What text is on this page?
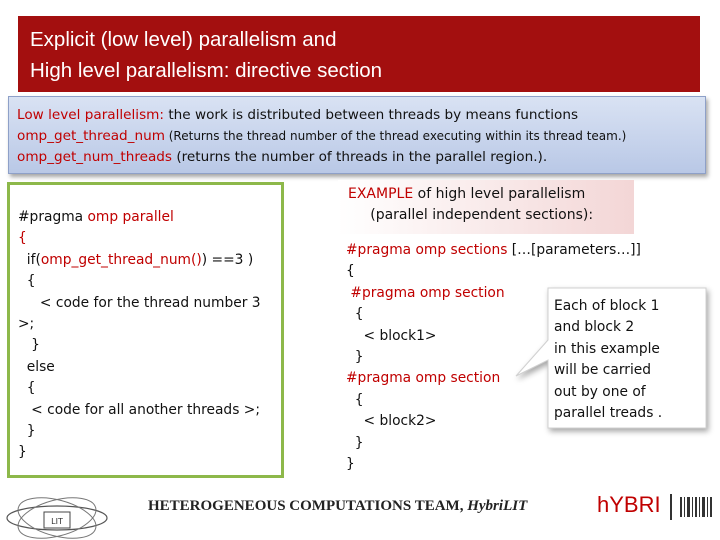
Explicit (low level) parallelism and
High level parallelism: directive section
Low level parallelism: the work is distributed between threads by means functions
omp_get_thread_num (Returns the thread number of the thread executing within its thread team.)
omp_get_num_threads (returns the number of threads in the parallel region.).
#pragma omp parallel
{
if(omp_get_thread_num()) ==3 )
{
< code for the thread number 3
>;
}
else
{
< code for all another threads >;
}
}
EXAMPLE of high level parallelism
(parallel independent sections):
#pragma omp sections […[parameters…]]
{
#pragma omp section
{
< block1>
}
#pragma omp section
{
< block2>
}
}
Each of block 1
and block 2
in this example
will be carried
out by one of
parallel treads .
LIT
HETEROGENEOUS COMPUTATIONS TEAM, HybriLIT	hYBRI
